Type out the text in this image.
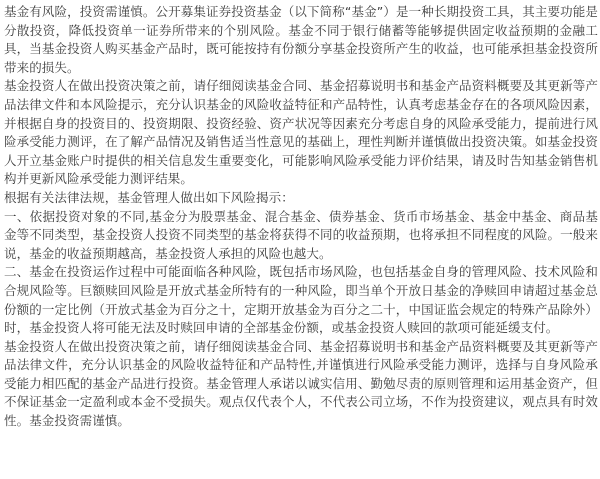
基金有风险，投资需谨慎。公开募集证券投资基金（以下简称“基金”）是一种长期投资工具，其主要功能是分散投资，降低投资单一证券所带来的个别风险。基金不同于银行储蓄等能够提供固定收益预期的金融工具，当基金投资人购买基金产品时，既可能按持有份额分享基金投资所产生的收益，也可能承担基金投资所带来的损失。

基金投资人在做出投资决策之前，请仔细阅读基金合同、基金招募说明书和基金产品资料概要及其更新等产品法律文件和本风险提示，充分认识基金的风险收益特征和产品特性，认真考虑基金存在的各项风险因素，并根据自身的投资目的、投资期限、投资经验、资产状况等因素充分考虑自身的风险承受能力，提前进行风险承受能力测评，在了解产品情况及销售适当性意见的基础上，理性判断并谨慎做出投资决策。如基金投资人开立基金账户时提供的相关信息发生重要变化，可能影响风险承受能力评价结果，请及时告知基金销售机构并更新风险承受能力测评结果。

根据有关法律法规，基金管理人做出如下风险揭示：

一、依据投资对象的不同,基金分为股票基金、混合基金、债券基金、货币市场基金、基金中基金、商品基金等不同类型，基金投资人投资不同类型的基金将获得不同的收益预期，也将承担不同程度的风险。一般来说，基金的收益预期越高，基金投资人承担的风险也越大。

二、基金在投资运作过程中可能面临各种风险，既包括市场风险，也包括基金自身的管理风险、技术风险和合规风险等。巨额赎回风险是开放式基金所特有的一种风险，即当单个开放日基金的净赎回申请超过基金总份额的一定比例（开放式基金为百分之十，定期开放基金为百分之二十，中国证监会规定的特殊产品除外）时，基金投资人将可能无法及时赎回申请的全部基金份额，或基金投资人赎回的款项可能延缓支付。

基金投资人在做出投资决策之前，请仔细阅读基金合同、基金招募说明书和基金产品资料概要及其更新等产品法律文件，充分认识基金的风险收益特征和产品特性,并谨慎进行风险承受能力测评，选择与自身风险承受能力相匹配的基金产品进行投资。基金管理人承诺以诚实信用、勤勉尽责的原则管理和运用基金资产，但不保证基金一定盈利或本金不受损失。观点仅代表个人，不代表公司立场，不作为投资建议，观点具有时效性。基金投资需谨慎。
